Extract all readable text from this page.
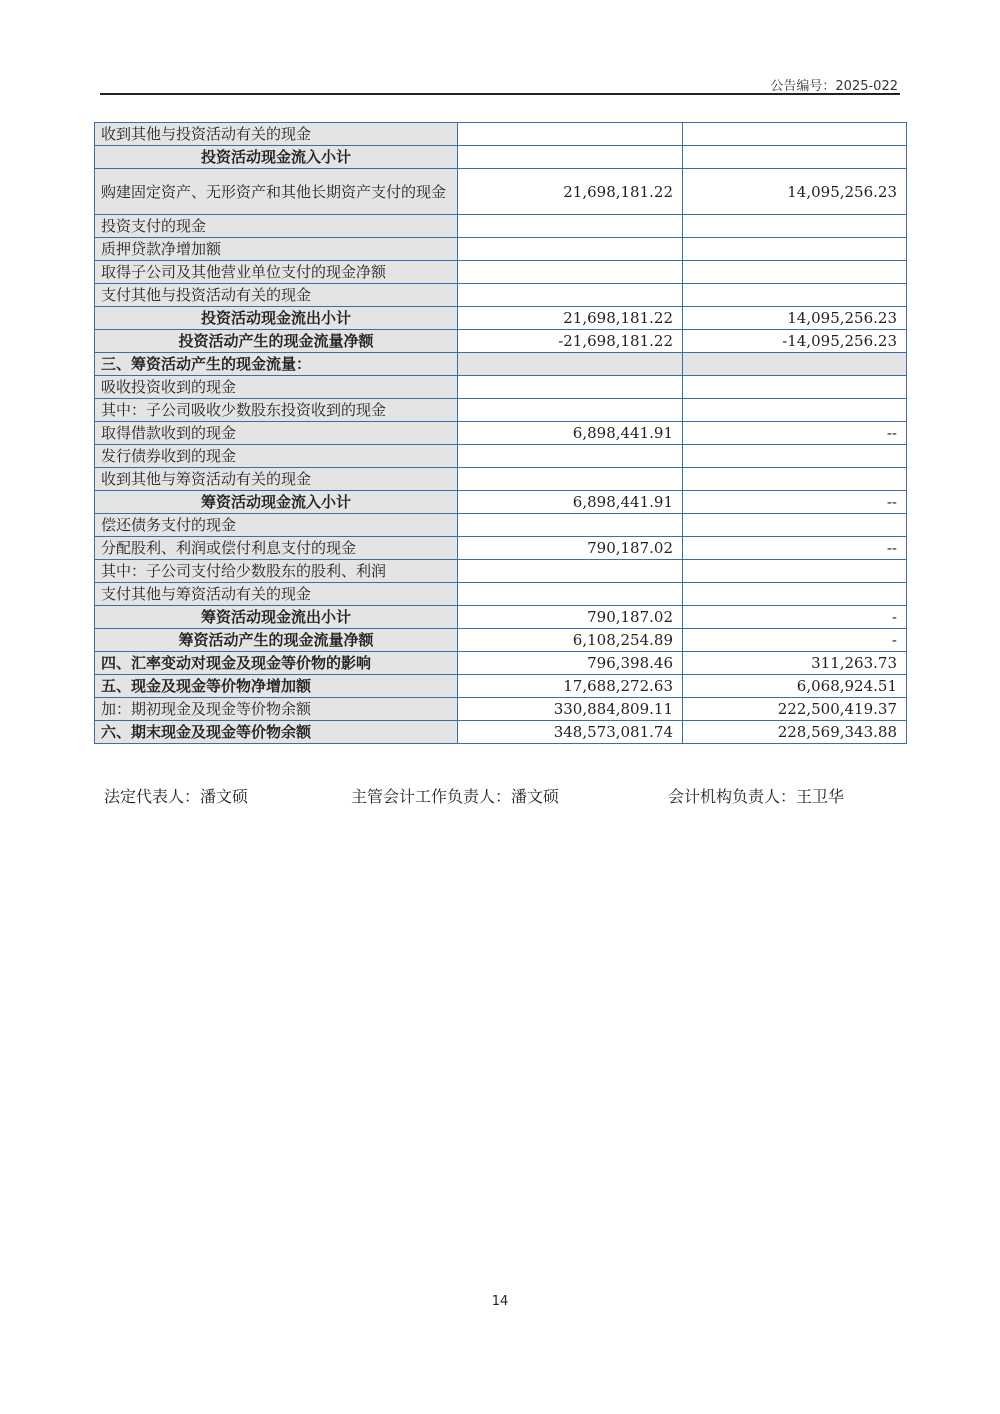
公告编号：2025-022
收到其他与投资活动有关的现金		
投资活动现金流入小计		
购建固定资产、无形资产和其他长期资产支付的现金	21,698,181.22	14,095,256.23
投资支付的现金		
质押贷款净增加额		
取得子公司及其他营业单位支付的现金净额		
支付其他与投资活动有关的现金		
投资活动现金流出小计	21,698,181.22	14,095,256.23
投资活动产生的现金流量净额	-21,698,181.22	-14,095,256.23
三、筹资活动产生的现金流量：		
吸收投资收到的现金		
其中：子公司吸收少数股东投资收到的现金		
取得借款收到的现金	6,898,441.91	--
发行债券收到的现金		
收到其他与筹资活动有关的现金		
筹资活动现金流入小计	6,898,441.91	--
偿还债务支付的现金		
分配股利、利润或偿付利息支付的现金	790,187.02	--
其中：子公司支付给少数股东的股利、利润		
支付其他与筹资活动有关的现金		
筹资活动现金流出小计	790,187.02	-
筹资活动产生的现金流量净额	6,108,254.89	-
四、汇率变动对现金及现金等价物的影响	796,398.46	311,263.73
五、现金及现金等价物净增加额	17,688,272.63	6,068,924.51
加：期初现金及现金等价物余额	330,884,809.11	222,500,419.37
六、期末现金及现金等价物余额	348,573,081.74	228,569,343.88
法定代表人：潘文硕	主管会计工作负责人：潘文硕	会计机构负责人：王卫华
14
